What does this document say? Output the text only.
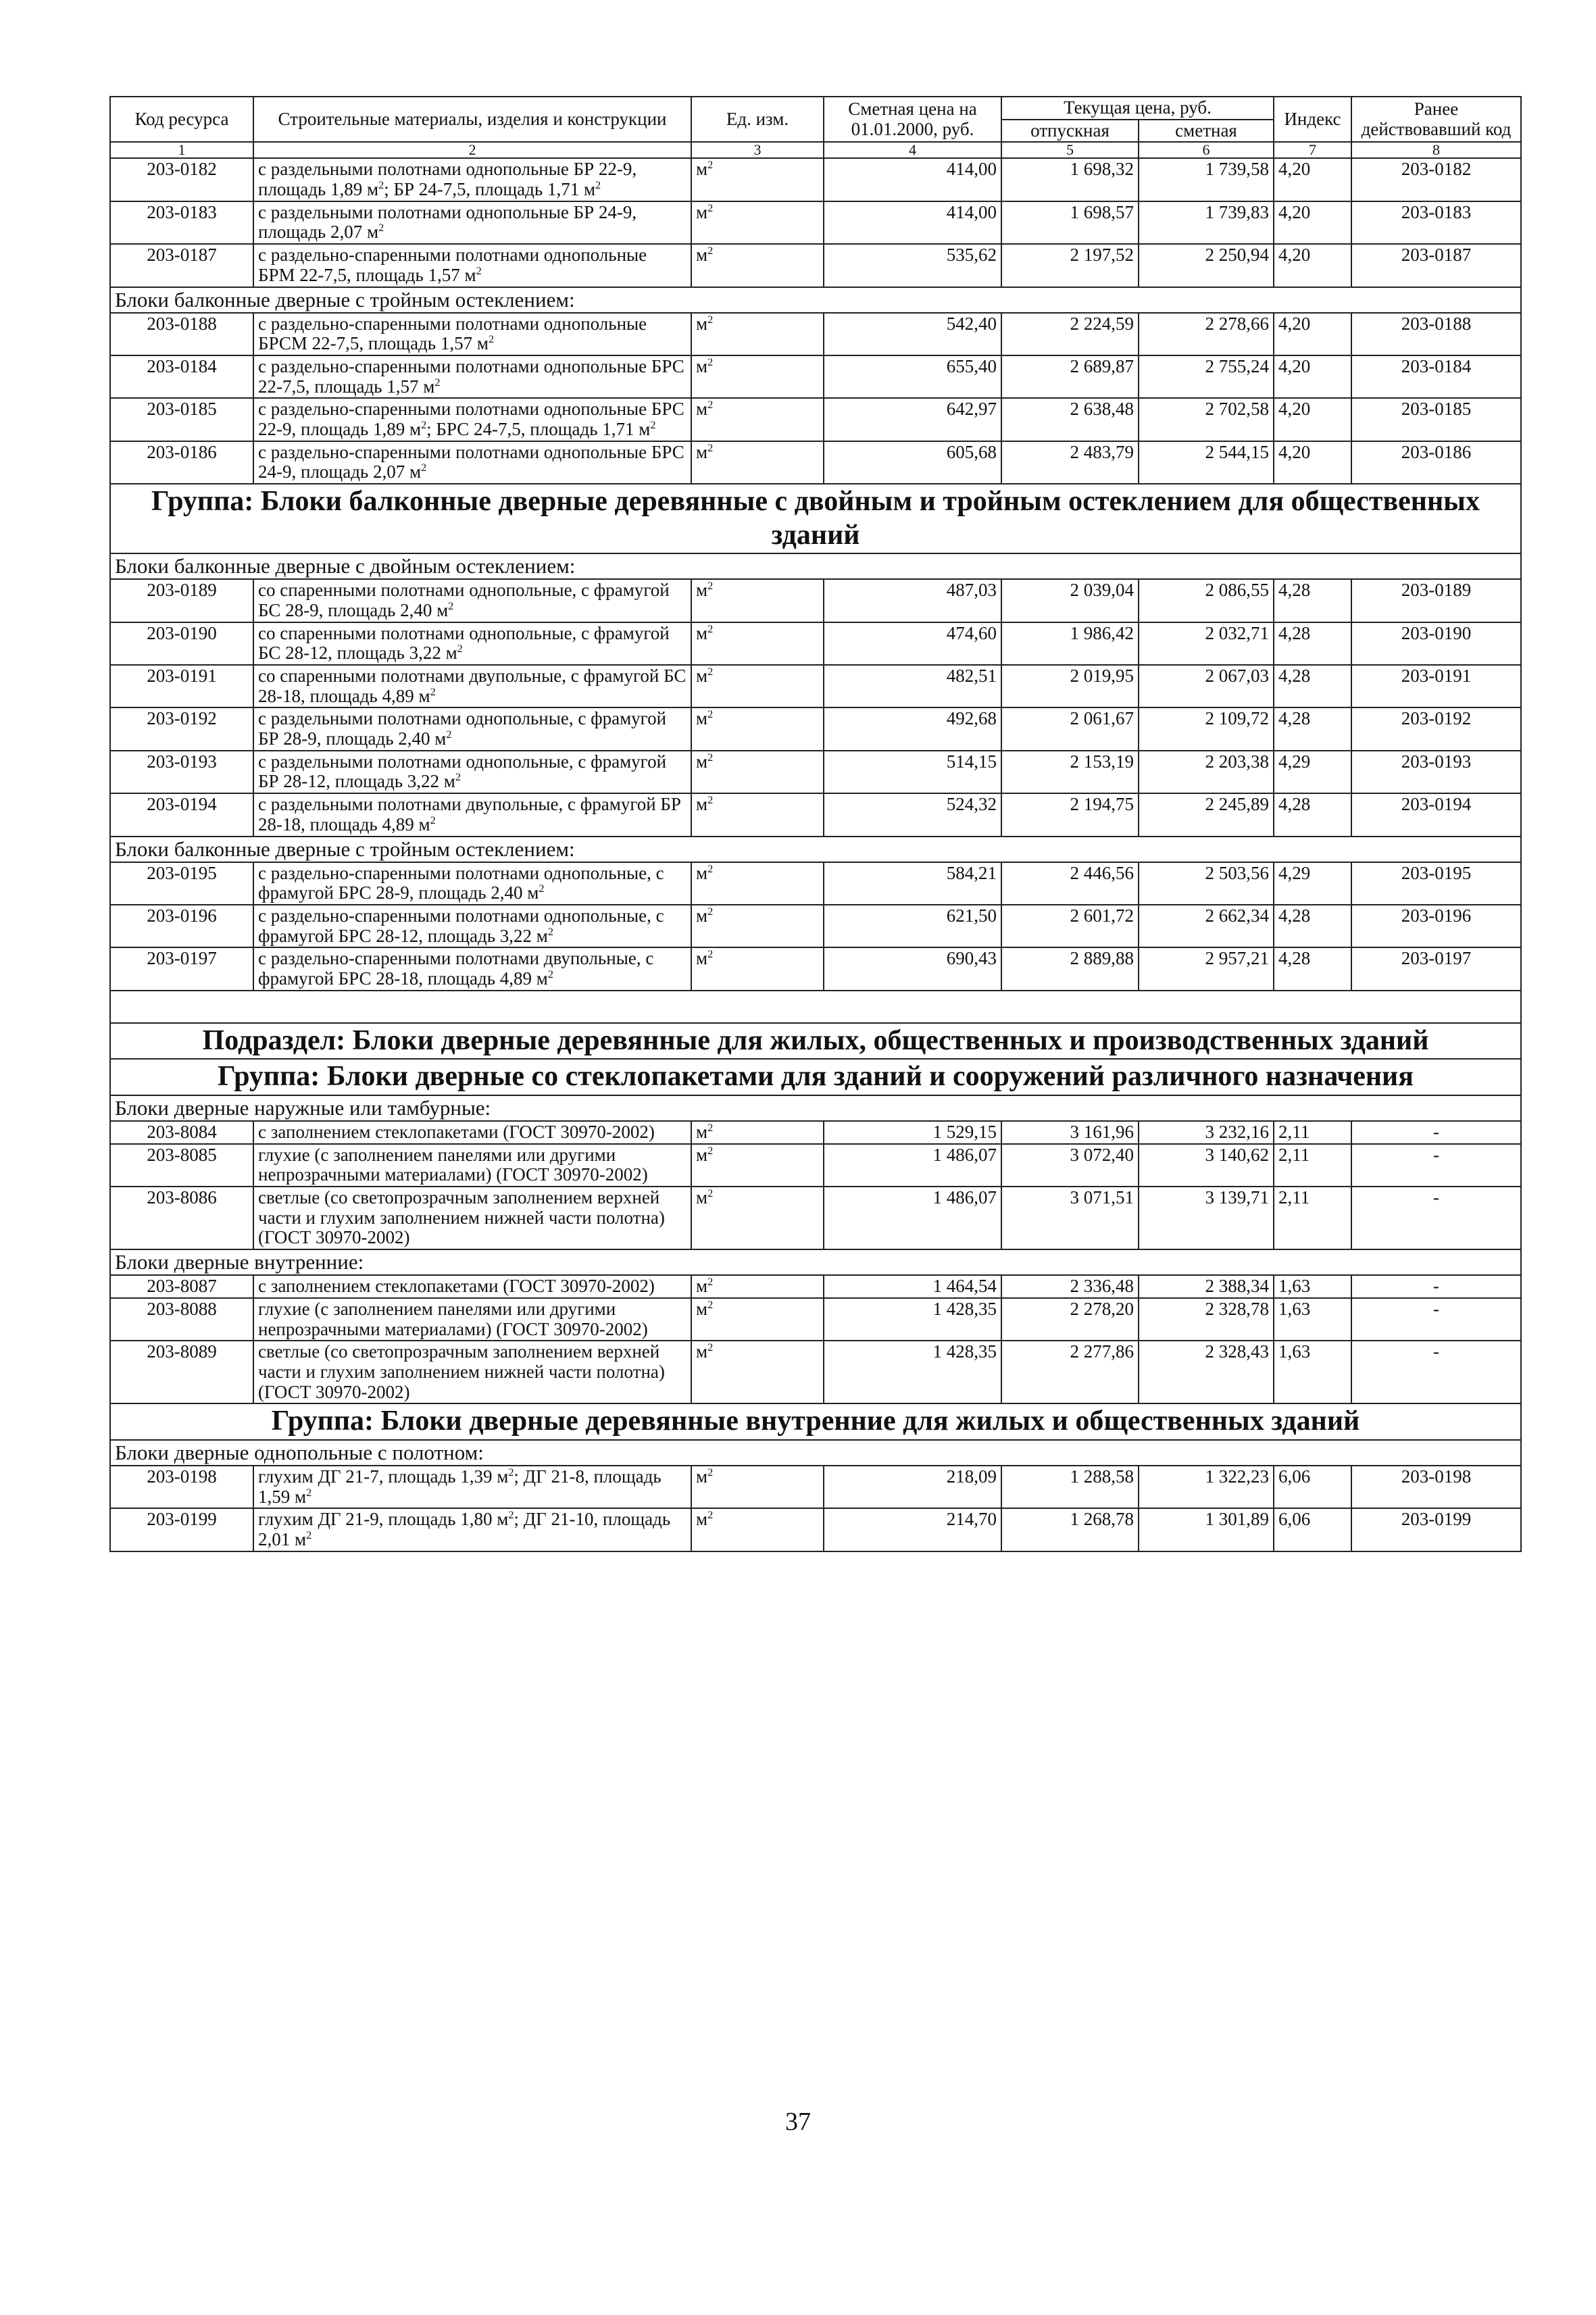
Код ресурса	Строительные материалы, изделия и конструкции	Ед. изм.	Сметная цена на 01.01.2000, руб.	Текущая цена, руб.		Индекс	Ранее действовавший код
				отпускная	сметная		
1	2	3	4	5	6	7	8
203-0182	с раздельными полотнами однопольные БР 22-9, площадь 1,89 $м^2$; БР 24-7,5, площадь 1,71 $м^2$	$м^2$	414,00	1 698,32	1 739,58	4,20	203-0182
203-0183	с раздельными полотнами однопольные БР 24-9, площадь 2,07 $м^2$	$м^2$	414,00	1 698,57	1 739,83	4,20	203-0183
203-0187	с раздельно-спаренными полотнами однопольные БРМ 22-7,5, площадь 1,57 $м^2$	$м^2$	535,62	2 197,52	2 250,94	4,20	203-0187
Блоки балконные дверные с тройным остеклением:							
203-0188	с раздельно-спаренными полотнами однопольные БРСМ 22-7,5, площадь 1,57 $м^2$	$м^2$	542,40	2 224,59	2 278,66	4,20	203-0188
203-0184	с раздельно-спаренными полотнами однопольные БРС 22-7,5, площадь 1,57 $м^2$	$м^2$	655,40	2 689,87	2 755,24	4,20	203-0184
203-0185	с раздельно-спаренными полотнами однопольные БРС 22-9, площадь 1,89 $м^2$; БРС 24-7,5, площадь 1,71 $м^2$	$м^2$	642,97	2 638,48	2 702,58	4,20	203-0185
203-0186	с раздельно-спаренными полотнами однопольные БРС 24-9, площадь 2,07 $м^2$	$м^2$	605,68	2 483,79	2 544,15	4,20	203-0186
Группа: Блоки балконные дверные деревянные с двойным и тройным остеклением для общественных зданий							
Блоки балконные дверные с двойным остеклением:							
203-0189	со спаренными полотнами однопольные, с фрамугой БС 28-9, площадь 2,40 $м^2$	$м^2$	487,03	2 039,04	2 086,55	4,28	203-0189
203-0190	со спаренными полотнами однопольные, с фрамугой БС 28-12, площадь 3,22 $м^2$	$м^2$	474,60	1 986,42	2 032,71	4,28	203-0190
203-0191	со спаренными полотнами двупольные, с фрамугой БС 28-18, площадь 4,89 $м^2$	$м^2$	482,51	2 019,95	2 067,03	4,28	203-0191
203-0192	с раздельными полотнами однопольные, с фрамугой БР 28-9, площадь 2,40 $м^2$	$м^2$	492,68	2 061,67	2 109,72	4,28	203-0192
203-0193	с раздельными полотнами однопольные, с фрамугой БР 28-12, площадь 3,22 $м^2$	$м^2$	514,15	2 153,19	2 203,38	4,29	203-0193
203-0194	с раздельными полотнами двупольные, с фрамугой БР 28-18, площадь 4,89 $м^2$	$м^2$	524,32	2 194,75	2 245,89	4,28	203-0194
Блоки балконные дверные с тройным остеклением:							
203-0195	с раздельно-спаренными полотнами однопольные, с фрамугой БРС 28-9, площадь 2,40 $м^2$	$м^2$	584,21	2 446,56	2 503,56	4,29	203-0195
203-0196	с раздельно-спаренными полотнами однопольные, с фрамугой БРС 28-12, площадь 3,22 $м^2$	$м^2$	621,50	2 601,72	2 662,34	4,28	203-0196
203-0197	с раздельно-спаренными полотнами двупольные, с фрамугой БРС 28-18, площадь 4,89 $м^2$	$м^2$	690,43	2 889,88	2 957,21	4,28	203-0197

Подраздел: Блоки дверные деревянные для жилых, общественных и производственных зданий							
Группа: Блоки дверные со стеклопакетами для зданий и сооружений различного назначения							
Блоки дверные наружные или тамбурные:							
203-8084	с заполнением стеклопакетами (ГОСТ 30970-2002)	$м^2$	1 529,15	3 161,96	3 232,16	2,11	-
203-8085	глухие (с заполнением панелями или другими непрозрачными материалами) (ГОСТ 30970-2002)	$м^2$	1 486,07	3 072,40	3 140,62	2,11	-
203-8086	светлые (со светопрозрачным заполнением верхней части и глухим заполнением нижней части полотна) (ГОСТ 30970-2002)	$м^2$	1 486,07	3 071,51	3 139,71	2,11	-
Блоки дверные внутренние:							
203-8087	с заполнением стеклопакетами (ГОСТ 30970-2002)	$м^2$	1 464,54	2 336,48	2 388,34	1,63	-
203-8088	глухие (с заполнением панелями или другими непрозрачными материалами) (ГОСТ 30970-2002)	$м^2$	1 428,35	2 278,20	2 328,78	1,63	-
203-8089	светлые (со светопрозрачным заполнением верхней части и глухим заполнением нижней части полотна) (ГОСТ 30970-2002)	$м^2$	1 428,35	2 277,86	2 328,43	1,63	-
Группа: Блоки дверные деревянные внутренние для жилых и общественных зданий							
Блоки дверные однопольные с полотном:							
203-0198	глухим ДГ 21-7, площадь 1,39 $м^2$; ДГ 21-8, площадь 1,59 $м^2$	$м^2$	218,09	1 288,58	1 322,23	6,06	203-0198
203-0199	глухим ДГ 21-9, площадь 1,80 $м^2$; ДГ 21-10, площадь 2,01 $м^2$	$м^2$	214,70	1 268,78	1 301,89	6,06	203-0199
37
